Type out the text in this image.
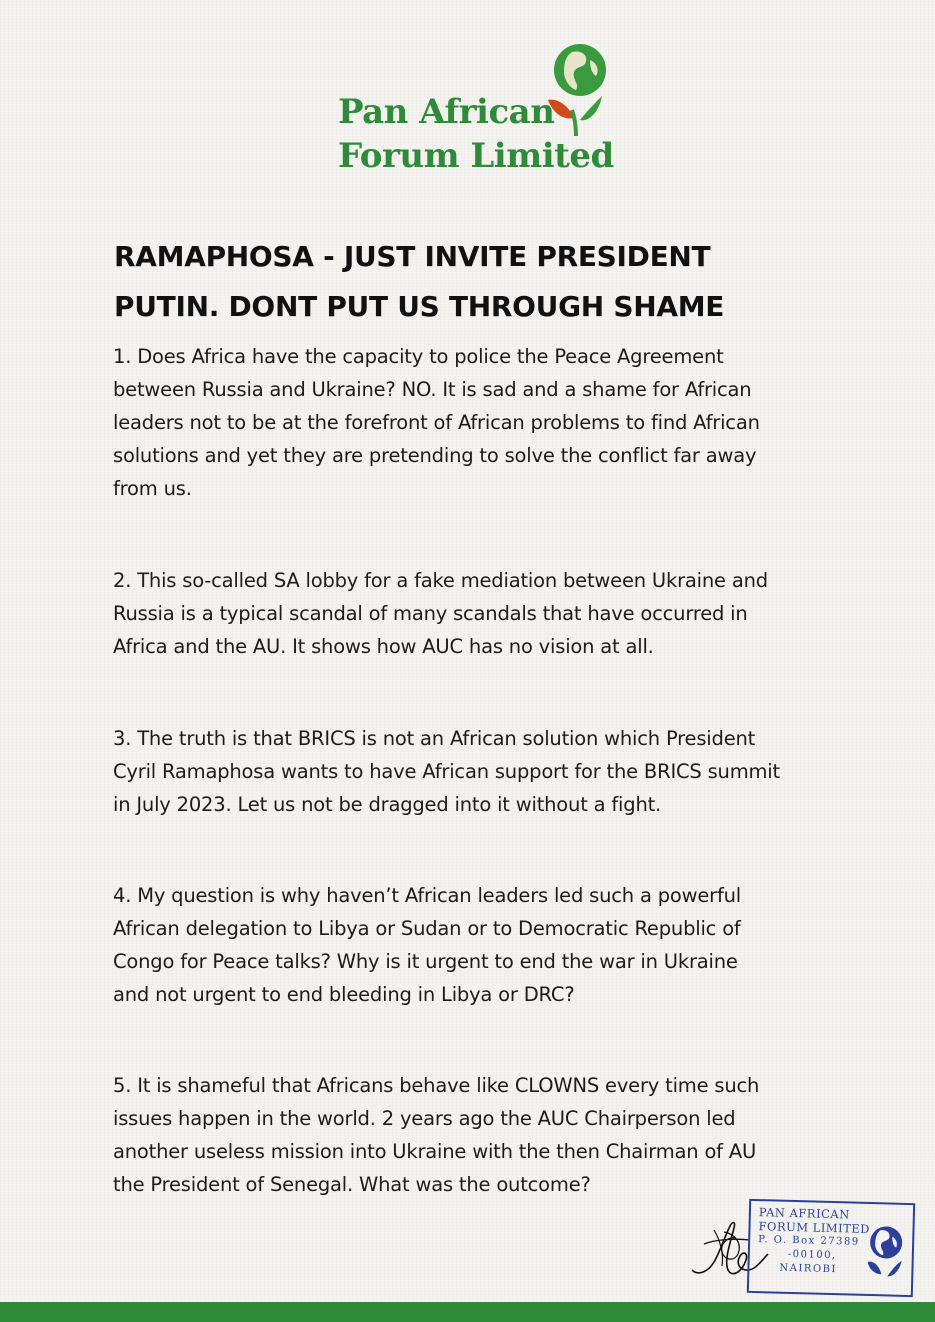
Pan African
Forum Limited
RAMAPHOSA - JUST INVITE PRESIDENT
PUTIN. DONT PUT US THROUGH SHAME
1. Does Africa have the capacity to police the Peace Agreement
between Russia and Ukraine? NO. It is sad and a shame for African
leaders not to be at the forefront of African problems to find African
solutions and yet they are pretending to solve the conflict far away
from us.
2. This so-called SA lobby for a fake mediation between Ukraine and
Russia is a typical scandal of many scandals that have occurred in
Africa and the AU. It shows how AUC has no vision at all.
3. The truth is that BRICS is not an African solution which President
Cyril Ramaphosa wants to have African support for the BRICS summit
in July 2023. Let us not be dragged into it without a fight.
4. My question is why haven’t African leaders led such a powerful
African delegation to Libya or Sudan or to Democratic Republic of
Congo for Peace talks? Why is it urgent to end the war in Ukraine
and not urgent to end bleeding in Libya or DRC?
5. It is shameful that Africans behave like CLOWNS every time such
issues happen in the world. 2 years ago the AUC Chairperson led
another useless mission into Ukraine with the then Chairman of AU
the President of Senegal. What was the outcome?
PAN AFRICAN
FORUM LIMITED
P. O. Box 27389
-00100,
NAIROBI
